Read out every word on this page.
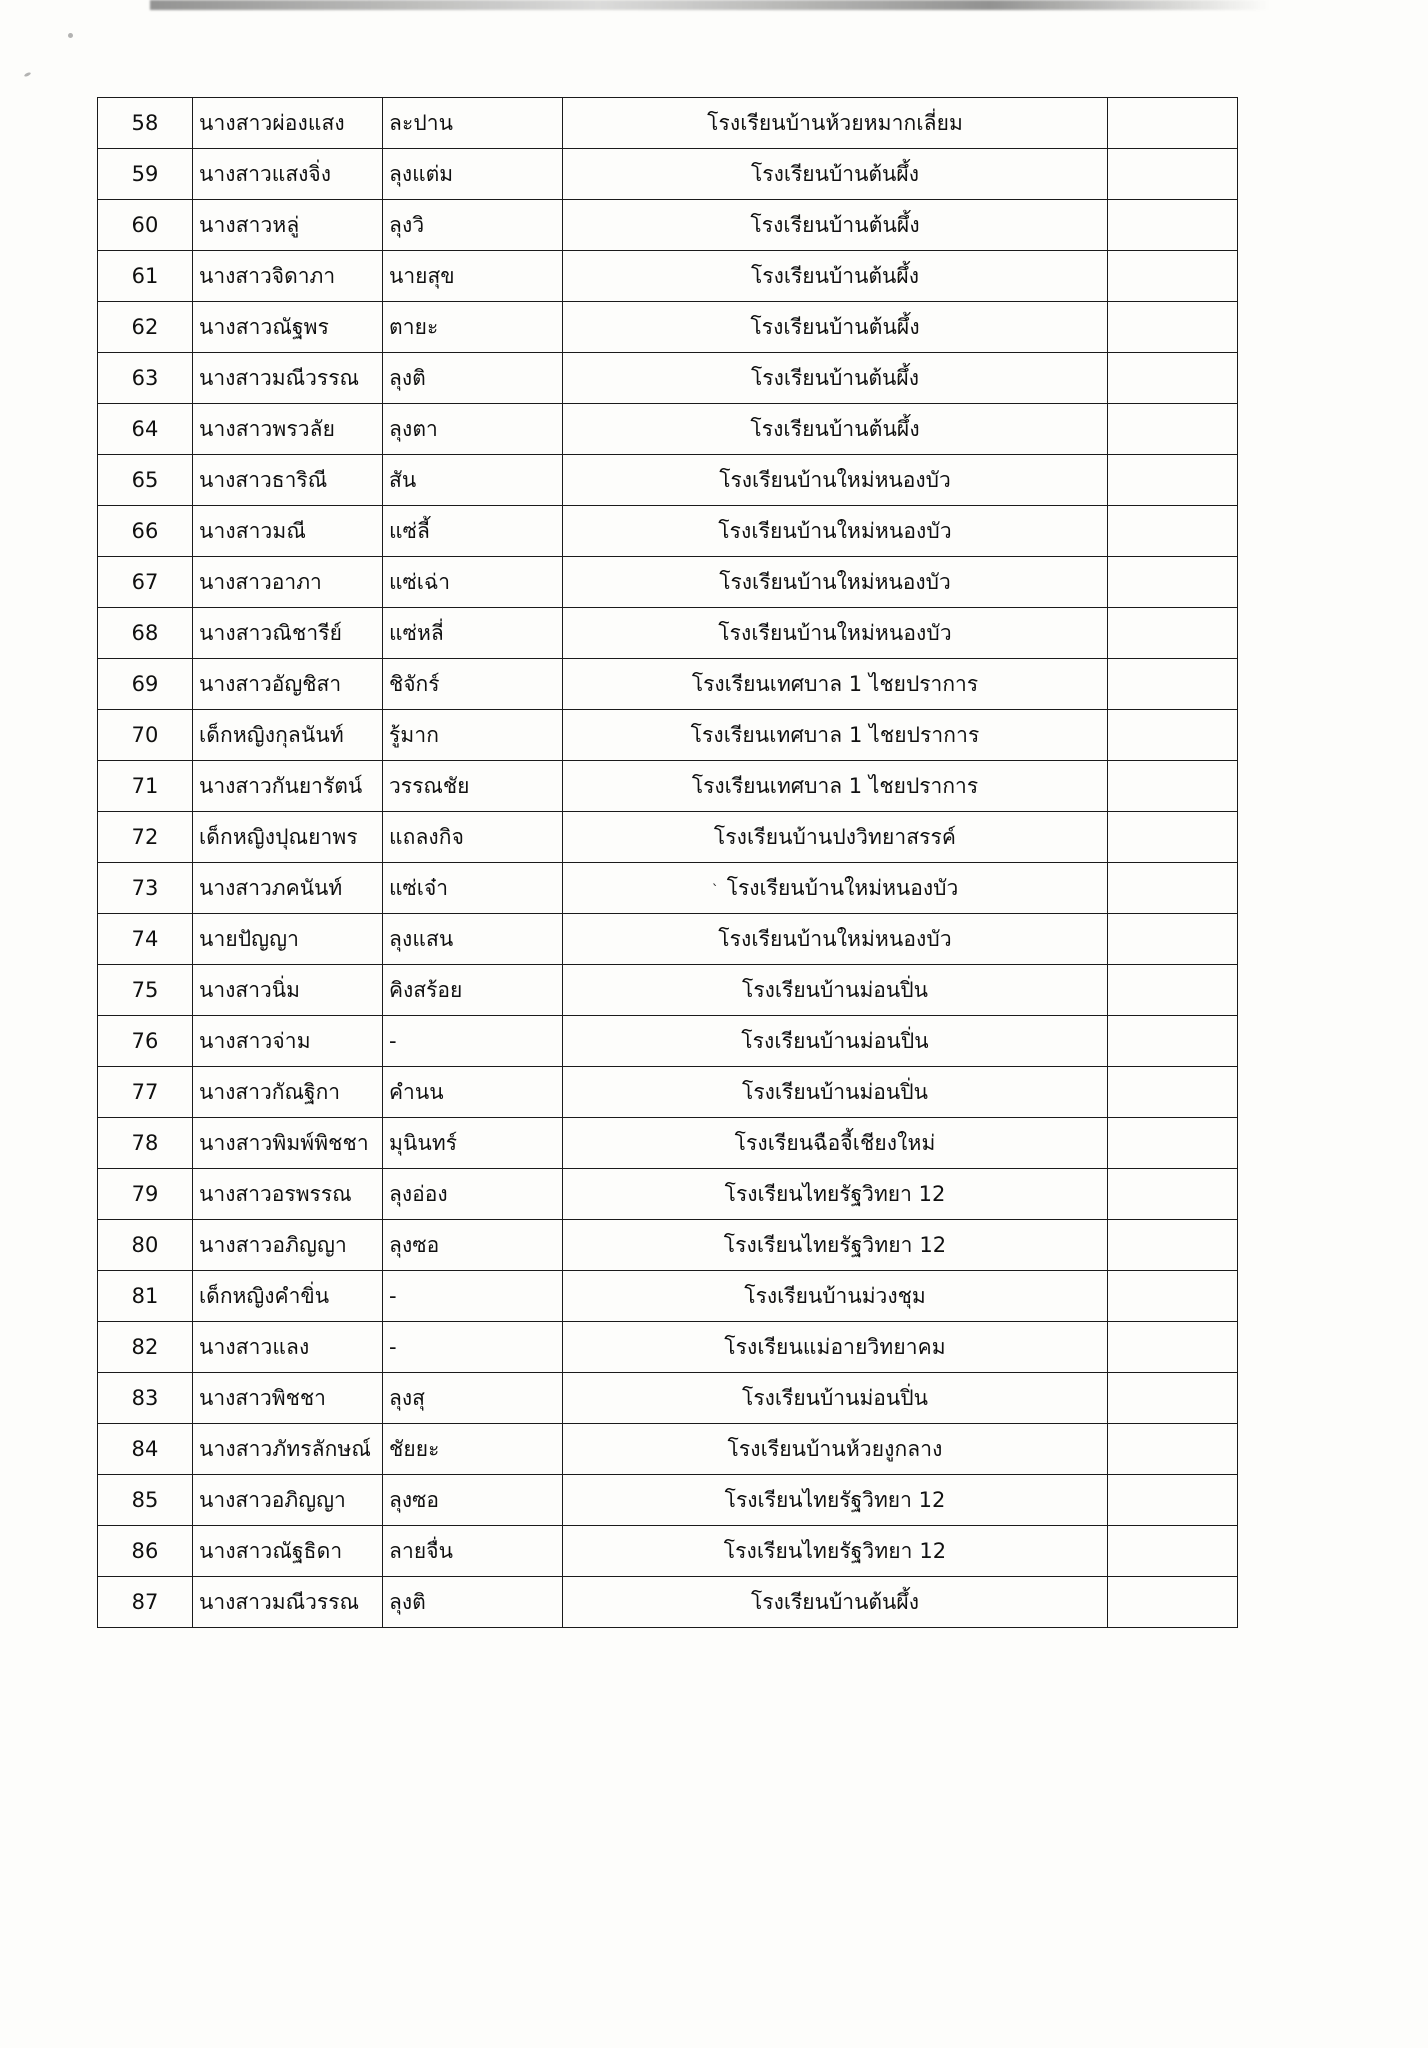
58	นางสาวผ่องแสง	ละปาน	โรงเรียนบ้านห้วยหมากเลี่ยม	
59	นางสาวแสงจิ่ง	ลุงแต่ม	โรงเรียนบ้านต้นผึ้ง	
60	นางสาวหลู่	ลุงวิ	โรงเรียนบ้านต้นผึ้ง	
61	นางสาวจิดาภา	นายสุข	โรงเรียนบ้านต้นผึ้ง	
62	นางสาวณัฐพร	ตายะ	โรงเรียนบ้านต้นผึ้ง	
63	นางสาวมณีวรรณ	ลุงติ	โรงเรียนบ้านต้นผึ้ง	
64	นางสาวพรวลัย	ลุงตา	โรงเรียนบ้านต้นผึ้ง	
65	นางสาวธาริณี	สัน	โรงเรียนบ้านใหม่หนองบัว	
66	นางสาวมณี	แซ่ลี้	โรงเรียนบ้านใหม่หนองบัว	
67	นางสาวอาภา	แซ่เฉ่า	โรงเรียนบ้านใหม่หนองบัว	
68	นางสาวณิชารีย์	แซ่หลี่	โรงเรียนบ้านใหม่หนองบัว	
69	นางสาวอัญชิสา	ชิจักร์	โรงเรียนเทศบาล 1 ไชยปราการ	
70	เด็กหญิงกุลนันท์	รู้มาก	โรงเรียนเทศบาล 1 ไชยปราการ	
71	นางสาวกันยารัตน์	วรรณชัย	โรงเรียนเทศบาล 1 ไชยปราการ	
72	เด็กหญิงปุณยาพร	แถลงกิจ	โรงเรียนบ้านปงวิทยาสรรค์	
73	นางสาวภคนันท์	แซ่เจ๋า	` โรงเรียนบ้านใหม่หนองบัว	
74	นายปัญญา	ลุงแสน	โรงเรียนบ้านใหม่หนองบัว	
75	นางสาวนิ่ม	คิงสร้อย	โรงเรียนบ้านม่อนปิ่น	
76	นางสาวจ่าม	-	โรงเรียนบ้านม่อนปิ่น	
77	นางสาวกัณฐิกา	คำนน	โรงเรียนบ้านม่อนปิ่น	
78	นางสาวพิมพ์พิชชา	มุนินทร์	โรงเรียนฉือจี้เชียงใหม่	
79	นางสาวอรพรรณ	ลุงอ่อง	โรงเรียนไทยรัฐวิทยา 12	
80	นางสาวอภิญญา	ลุงซอ	โรงเรียนไทยรัฐวิทยา 12	
81	เด็กหญิงคำขิ่น	-	โรงเรียนบ้านม่วงชุม	
82	นางสาวแลง	-	โรงเรียนแม่อายวิทยาคม	
83	นางสาวพิชชา	ลุงสุ	โรงเรียนบ้านม่อนปิ่น	
84	นางสาวภัทรลักษณ์	ชัยยะ	โรงเรียนบ้านห้วยงูกลาง	
85	นางสาวอภิญญา	ลุงซอ	โรงเรียนไทยรัฐวิทยา 12	
86	นางสาวณัฐธิดา	ลายจื่น	โรงเรียนไทยรัฐวิทยา 12	
87	นางสาวมณีวรรณ	ลุงติ	โรงเรียนบ้านต้นผึ้ง	
